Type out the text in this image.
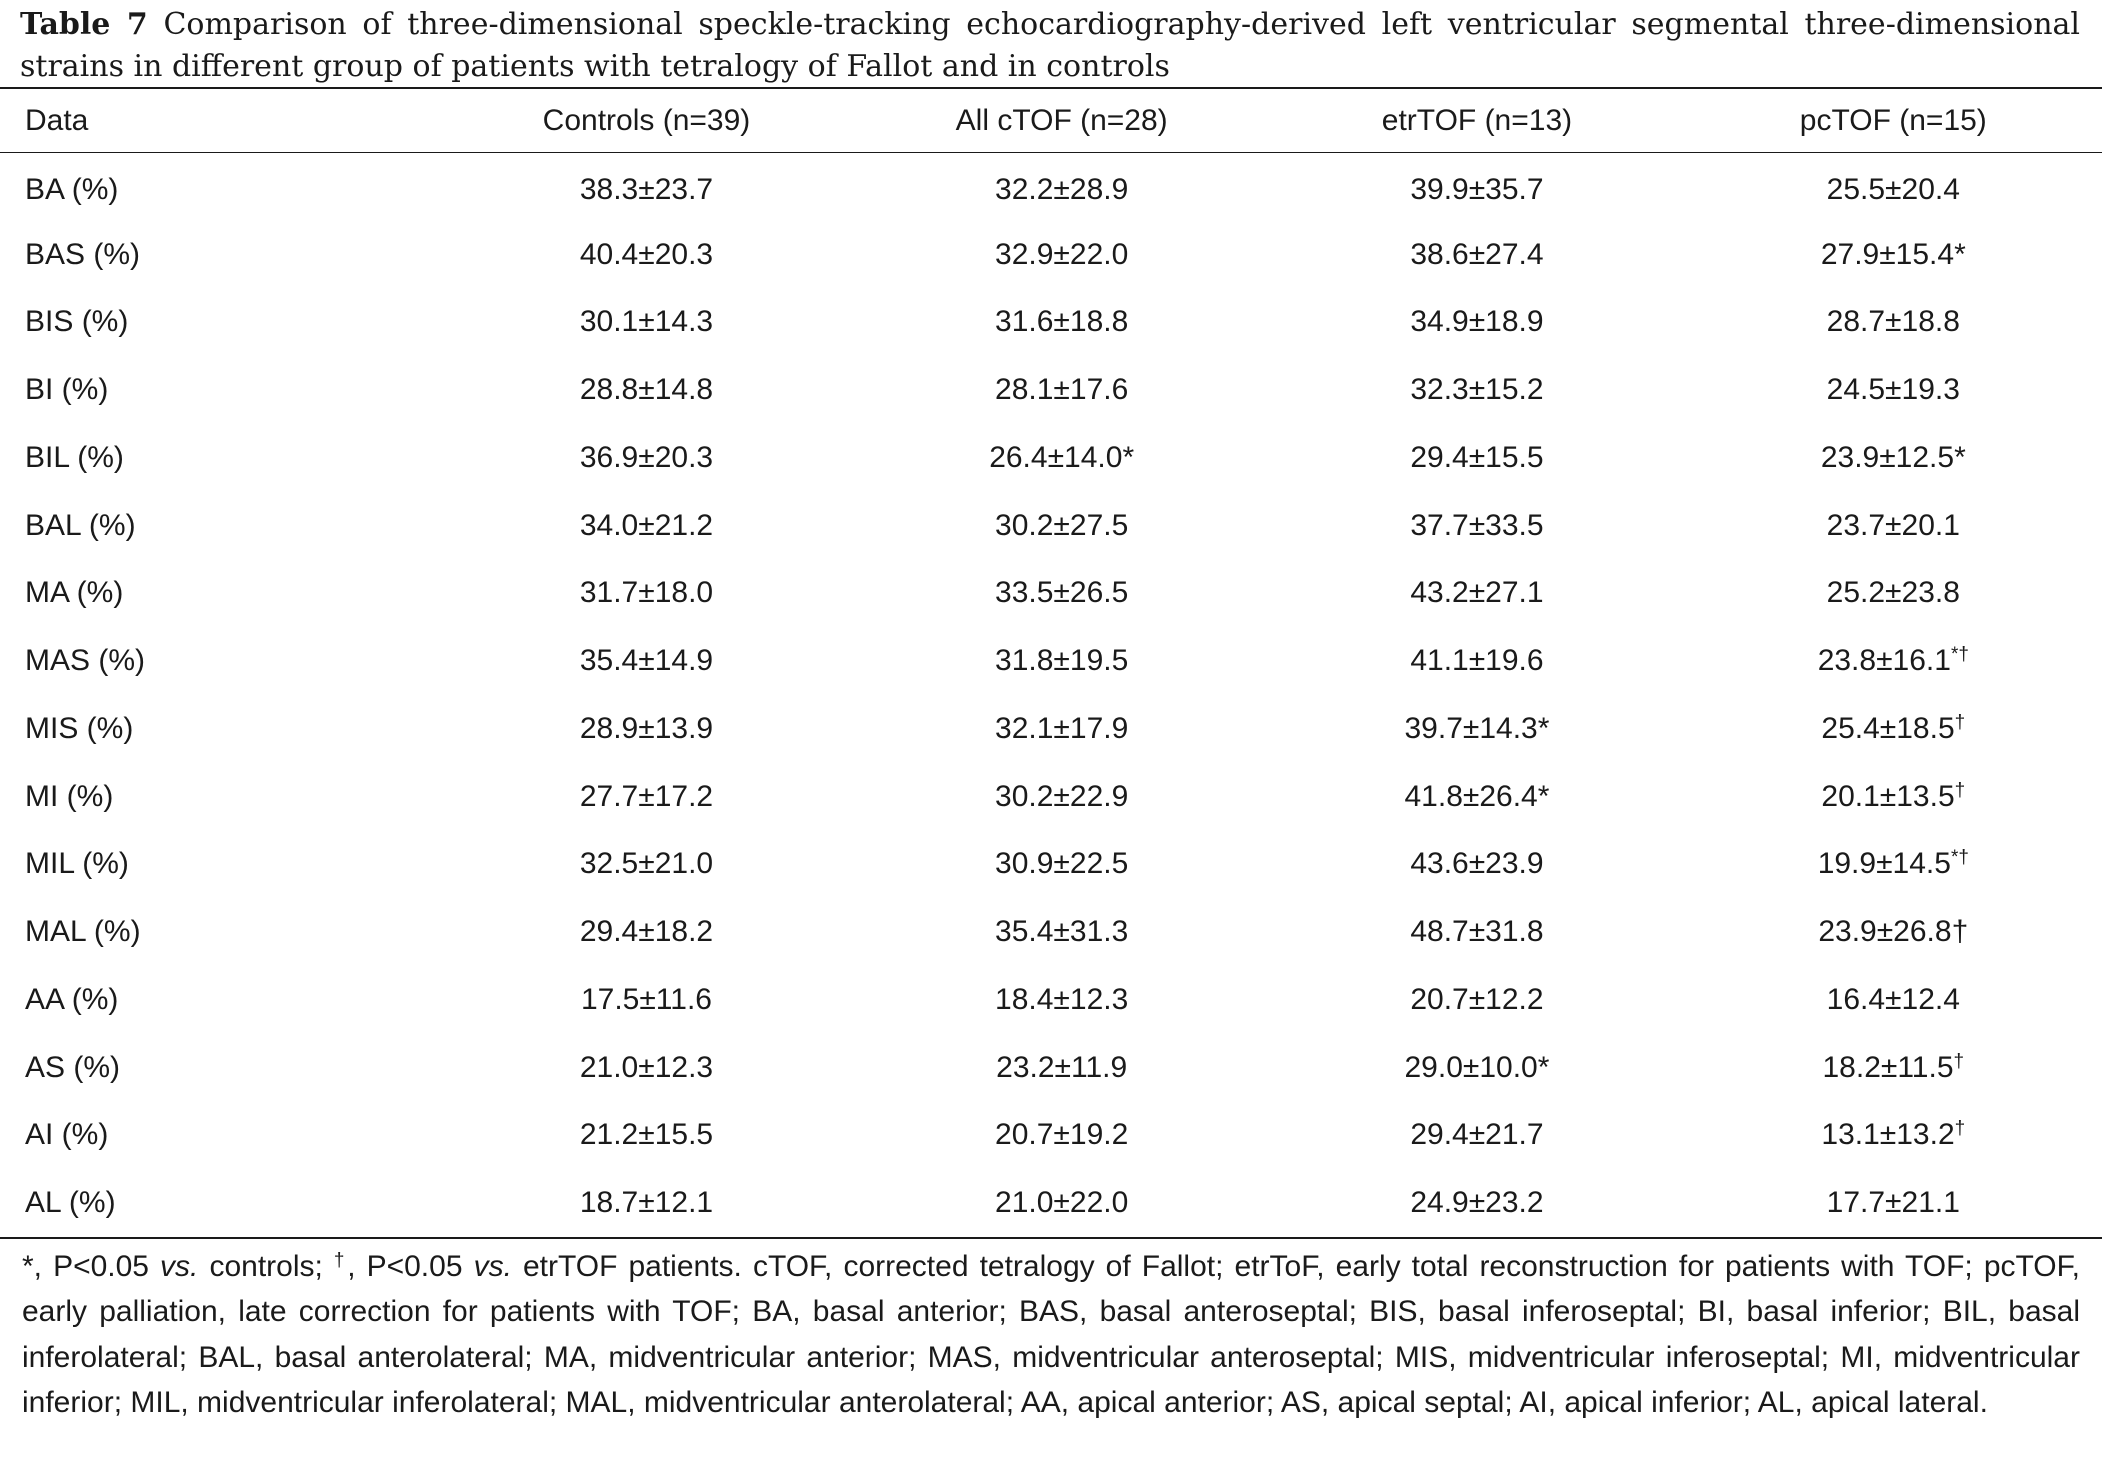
Table 7 Comparison of three-dimensional speckle-tracking echocardiography-derived left ventricular segmental three-dimensional strains in different group of patients with tetralogy of Fallot and in controls
Data	Controls (n=39)	All cTOF (n=28)	etrTOF (n=13)	pcTOF (n=15)
BA (%)	38.3±23.7	32.2±28.9	39.9±35.7	25.5±20.4
BAS (%)	40.4±20.3	32.9±22.0	38.6±27.4	27.9±15.4*
BIS (%)	30.1±14.3	31.6±18.8	34.9±18.9	28.7±18.8
BI (%)	28.8±14.8	28.1±17.6	32.3±15.2	24.5±19.3
BIL (%)	36.9±20.3	26.4±14.0*	29.4±15.5	23.9±12.5*
BAL (%)	34.0±21.2	30.2±27.5	37.7±33.5	23.7±20.1
MA (%)	31.7±18.0	33.5±26.5	43.2±27.1	25.2±23.8
MAS (%)	35.4±14.9	31.8±19.5	41.1±19.6	23.8±16.1*†
MIS (%)	28.9±13.9	32.1±17.9	39.7±14.3*	25.4±18.5†
MI (%)	27.7±17.2	30.2±22.9	41.8±26.4*	20.1±13.5†
MIL (%)	32.5±21.0	30.9±22.5	43.6±23.9	19.9±14.5*†
MAL (%)	29.4±18.2	35.4±31.3	48.7±31.8	23.9±26.8†
AA (%)	17.5±11.6	18.4±12.3	20.7±12.2	16.4±12.4
AS (%)	21.0±12.3	23.2±11.9	29.0±10.0*	18.2±11.5†
AI (%)	21.2±15.5	20.7±19.2	29.4±21.7	13.1±13.2†
AL (%)	18.7±12.1	21.0±22.0	24.9±23.2	17.7±21.1
*, P<0.05 vs. controls; †, P<0.05 vs. etrTOF patients. cTOF, corrected tetralogy of Fallot; etrToF, early total reconstruction for patients with TOF; pcTOF, early palliation, late correction for patients with TOF; BA, basal anterior; BAS, basal anteroseptal; BIS, basal inferoseptal; BI, basal inferior; BIL, basal inferolateral; BAL, basal anterolateral; MA, midventricular anterior; MAS, midventricular anteroseptal; MIS, midventricular inferoseptal; MI, midventricular inferior; MIL, midventricular inferolateral; MAL, midventricular anterolateral; AA, apical anterior; AS, apical septal; AI, apical inferior; AL, apical lateral.
